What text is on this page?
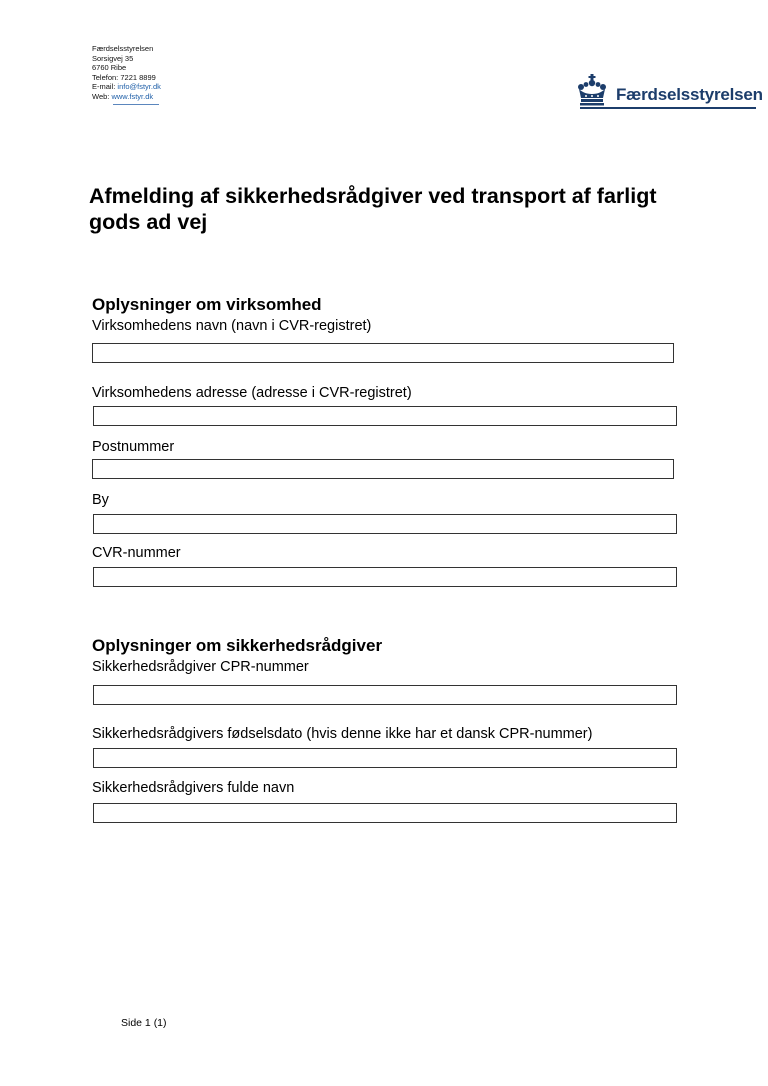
Færdselsstyrelsen
Sorsigvej 35
6760 Ribe
Telefon: 7221 8899
E-mail: info@fstyr.dk
Web: www.fstyr.dk	Færdselsstyrelsen
Afmelding af sikkerhedsrådgiver ved transport af farligt gods ad vej
Oplysninger om virksomhed
Virksomhedens navn (navn i CVR-registret)
Virksomhedens adresse (adresse i CVR-registret)
Postnummer
By
CVR-nummer
Oplysninger om sikkerhedsrådgiver
Sikkerhedsrådgiver CPR-nummer
Sikkerhedsrådgivers fødselsdato (hvis denne ikke har et dansk CPR-nummer)
Sikkerhedsrådgivers fulde navn
Side 1 (1)
